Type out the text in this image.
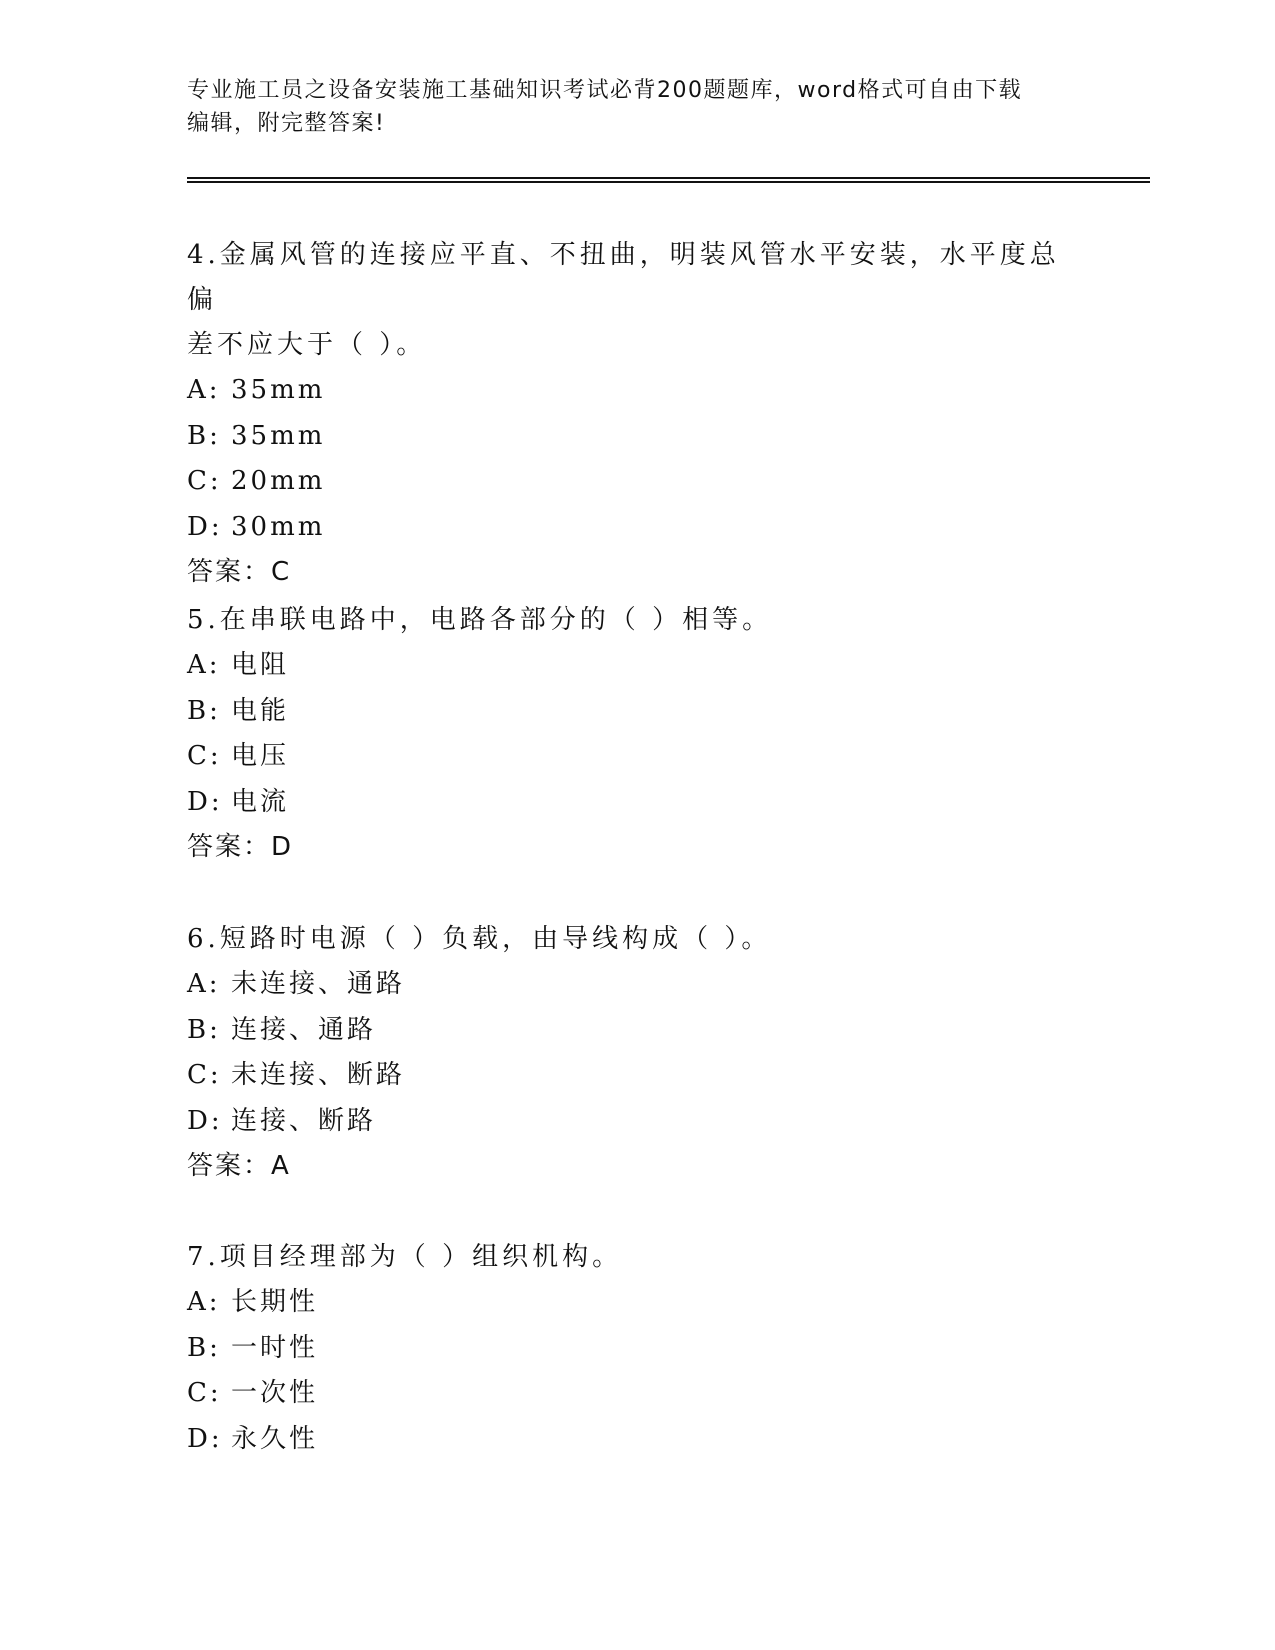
专业施工员之设备安装施工基础知识考试必背200题题库，word格式可自由下载
编辑，附完整答案!

4.金属风管的连接应平直、不扭曲，明装风管水平安装，水平度总偏

差不应大于（ ）。

A: 35mm

B: 35mm

C: 20mm

D: 30mm

答案：C

5.在串联电路中，电路各部分的（ ）相等。

A: 电阻

B: 电能

C: 电压

D: 电流

答案：D

6.短路时电源（ ）负载，由导线构成（ ）。

A: 未连接、通路

B: 连接、通路

C: 未连接、断路

D: 连接、断路

答案：A

7.项目经理部为（ ）组织机构。

A: 长期性

B: 一时性

C: 一次性

D: 永久性
